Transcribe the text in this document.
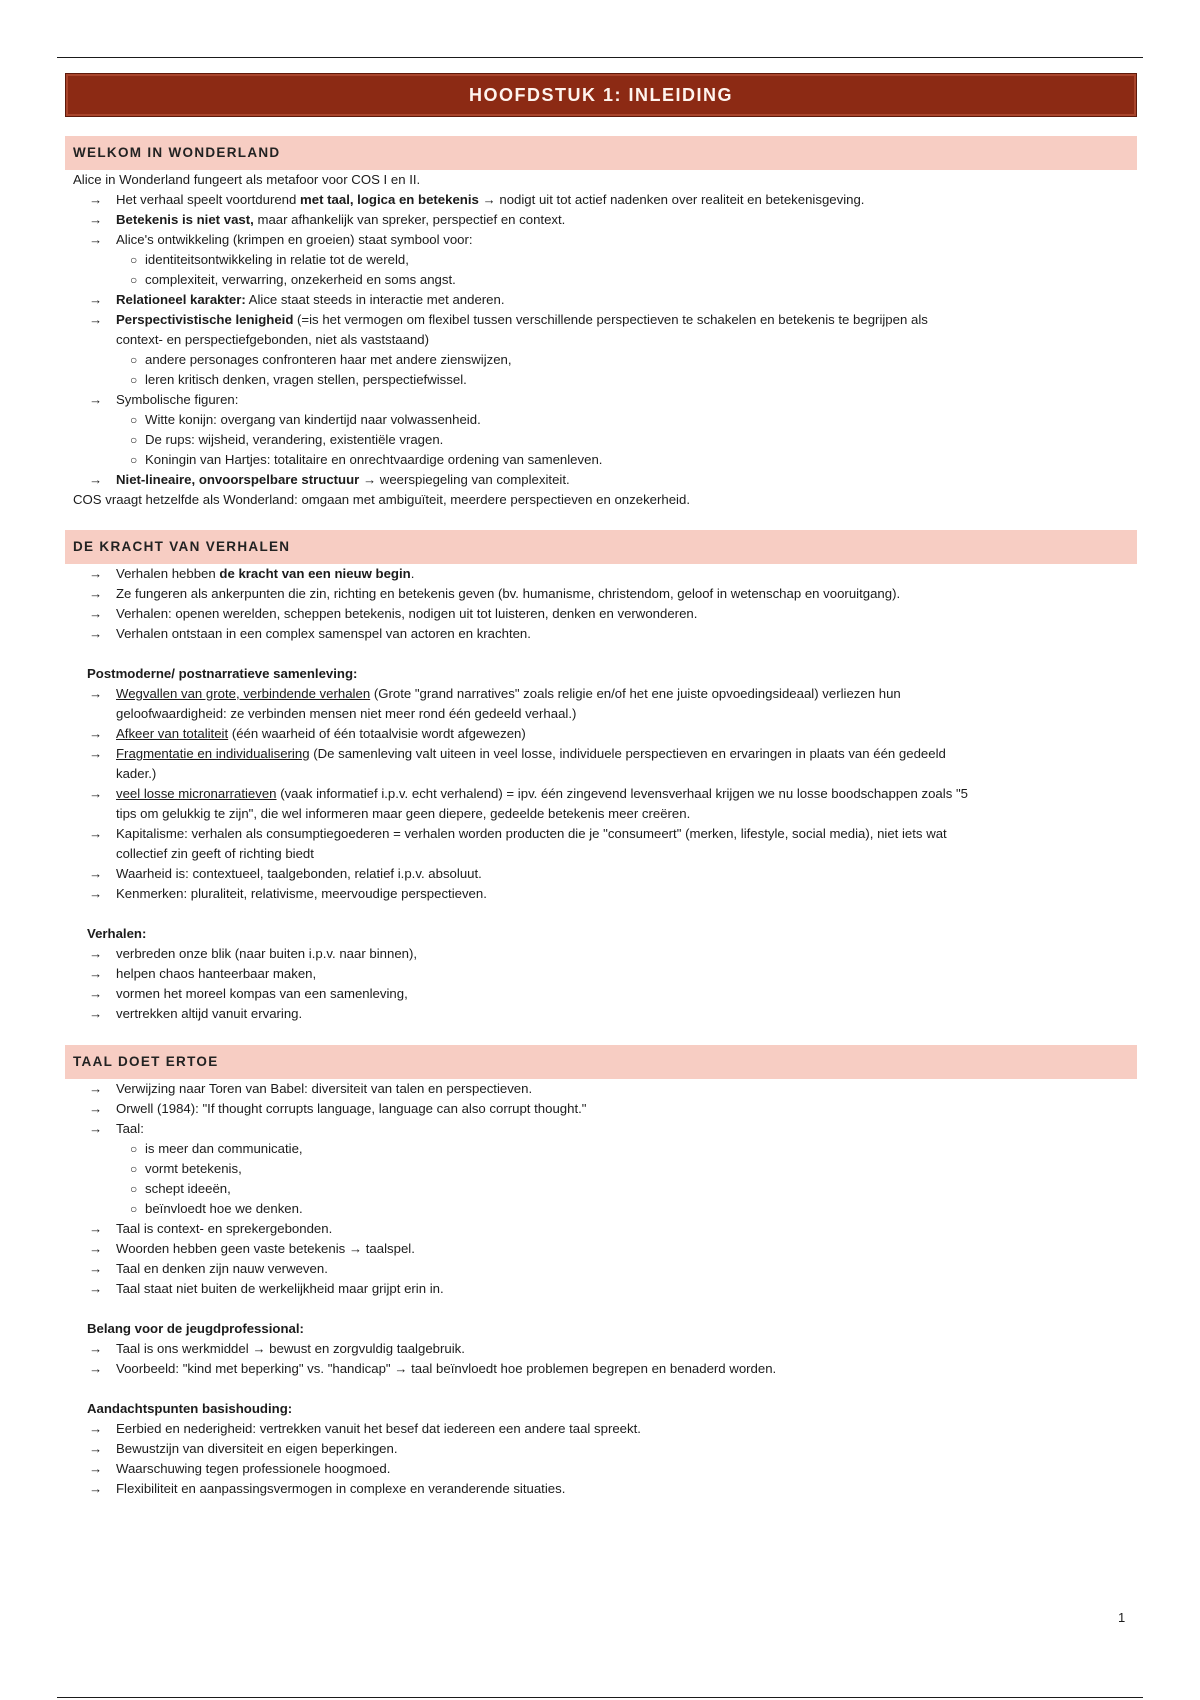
HOOFDSTUK 1: INLEIDING
WELKOM IN WONDERLAND
Alice in Wonderland fungeert als metafoor voor COS I en II.
→ Het verhaal speelt voortdurend met taal, logica en betekenis → nodigt uit tot actief nadenken over realiteit en betekenisgeving.
→ Betekenis is niet vast, maar afhankelijk van spreker, perspectief en context.
→ Alice's ontwikkeling (krimpen en groeien) staat symbool voor:
○ identiteitsontwikkeling in relatie tot de wereld,
○ complexiteit, verwarring, onzekerheid en soms angst.
→ Relationeel karakter: Alice staat steeds in interactie met anderen.
→ Perspectivistische lenigheid (=is het vermogen om flexibel tussen verschillende perspectieven te schakelen en betekenis te begrijpen als
context- en perspectiefgebonden, niet als vaststaand)
○ andere personages confronteren haar met andere zienswijzen,
○ leren kritisch denken, vragen stellen, perspectiefwissel.
→ Symbolische figuren:
○ Witte konijn: overgang van kindertijd naar volwassenheid.
○ De rups: wijsheid, verandering, existentiële vragen.
○ Koningin van Hartjes: totalitaire en onrechtvaardige ordening van samenleven.
→ Niet-lineaire, onvoorspelbare structuur → weerspiegeling van complexiteit.
COS vraagt hetzelfde als Wonderland: omgaan met ambiguïteit, meerdere perspectieven en onzekerheid.
DE KRACHT VAN VERHALEN
→ Verhalen hebben de kracht van een nieuw begin.
→ Ze fungeren als ankerpunten die zin, richting en betekenis geven (bv. humanisme, christendom, geloof in wetenschap en vooruitgang).
→ Verhalen: openen werelden, scheppen betekenis, nodigen uit tot luisteren, denken en verwonderen.
→ Verhalen ontstaan in een complex samenspel van actoren en krachten.
Postmoderne/ postnarratieve samenleving:
→ Wegvallen van grote, verbindende verhalen (Grote "grand narratives" zoals religie en/of het ene juiste opvoedingsideaal) verliezen hun
geloofwaardigheid: ze verbinden mensen niet meer rond één gedeeld verhaal.)
→ Afkeer van totaliteit (één waarheid of één totaalvisie wordt afgewezen)
→ Fragmentatie en individualisering (De samenleving valt uiteen in veel losse, individuele perspectieven en ervaringen in plaats van één gedeeld
kader.)
→ veel losse micronarratieven (vaak informatief i.p.v. echt verhalend) = ipv. één zingevend levensverhaal krijgen we nu losse boodschappen zoals "5
tips om gelukkig te zijn", die wel informeren maar geen diepere, gedeelde betekenis meer creëren.
→ Kapitalisme: verhalen als consumptiegoederen = verhalen worden producten die je "consumeert" (merken, lifestyle, social media), niet iets wat
collectief zin geeft of richting biedt
→ Waarheid is: contextueel, taalgebonden, relatief i.p.v. absoluut.
→ Kenmerken: pluraliteit, relativisme, meervoudige perspectieven.
Verhalen:
→ verbreden onze blik (naar buiten i.p.v. naar binnen),
→ helpen chaos hanteerbaar maken,
→ vormen het moreel kompas van een samenleving,
→ vertrekken altijd vanuit ervaring.
TAAL DOET ERTOE
→ Verwijzing naar Toren van Babel: diversiteit van talen en perspectieven.
→ Orwell (1984): "If thought corrupts language, language can also corrupt thought."
→ Taal:
○ is meer dan communicatie,
○ vormt betekenis,
○ schept ideeën,
○ beïnvloedt hoe we denken.
→ Taal is context- en sprekergebonden.
→ Woorden hebben geen vaste betekenis → taalspel.
→ Taal en denken zijn nauw verweven.
→ Taal staat niet buiten de werkelijkheid maar grijpt erin in.
Belang voor de jeugdprofessional:
→ Taal is ons werkmiddel → bewust en zorgvuldig taalgebruik.
→ Voorbeeld: "kind met beperking" vs. "handicap" → taal beïnvloedt hoe problemen begrepen en benaderd worden.
Aandachtspunten basishouding:
→ Eerbied en nederigheid: vertrekken vanuit het besef dat iedereen een andere taal spreekt.
→ Bewustzijn van diversiteit en eigen beperkingen.
→ Waarschuwing tegen professionele hoogmoed.
→ Flexibiliteit en aanpassingsvermogen in complexe en veranderende situaties.
1
